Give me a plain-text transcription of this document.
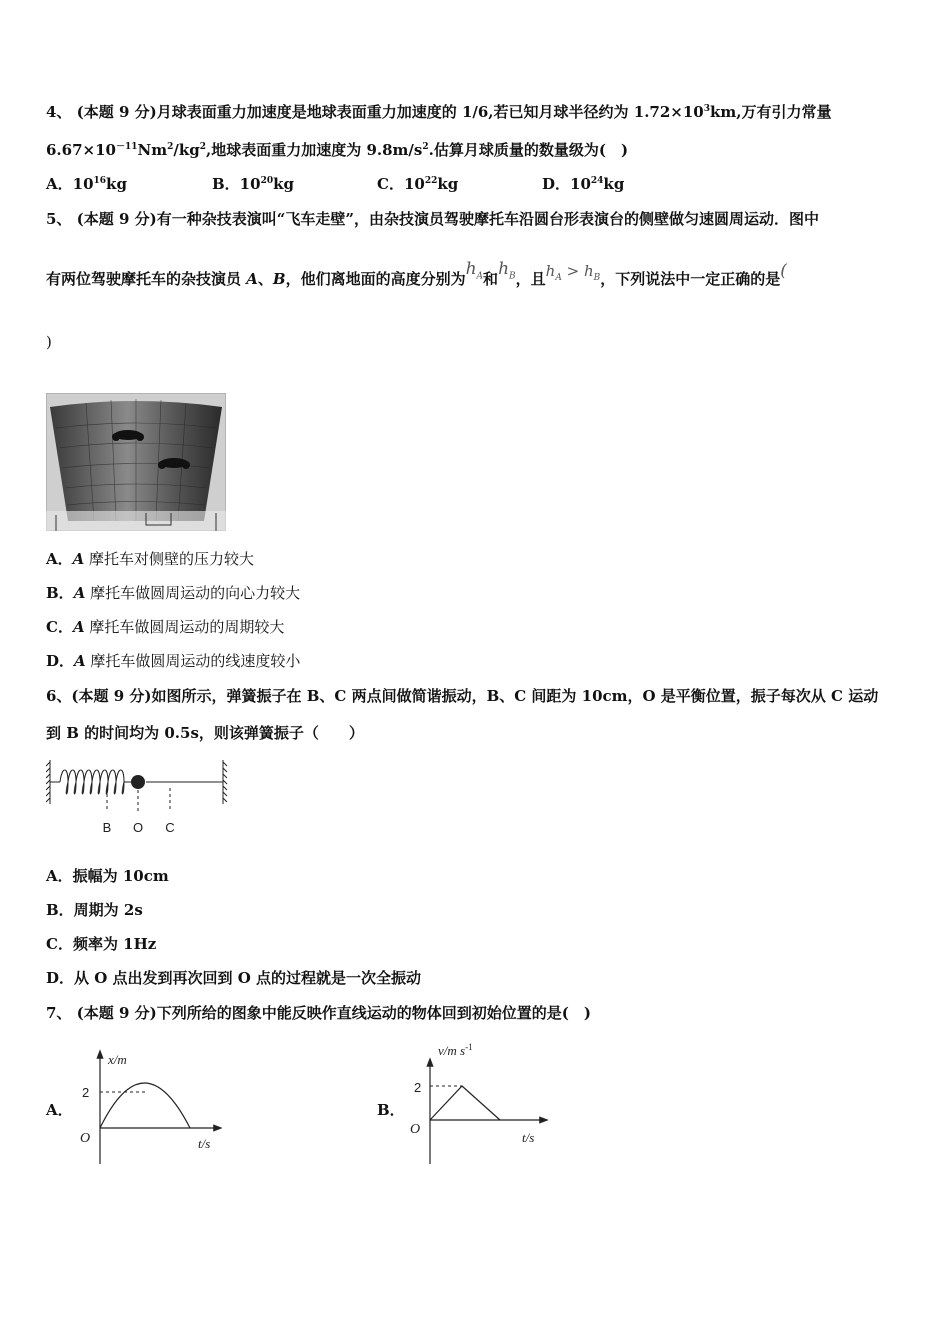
4、 (本题 9 分)月球表面重力加速度是地球表面重力加速度的 1/6,若已知月球半径约为 $1.72\times 10^3km$,万有引力常量
$6.67\times 10^{-11}Nm^2/kg^2$,地球表面重力加速度为 $9.8m/s^2$.估算月球质量的数量级为(　)
A．$10^{16}kg$	B．$10^{20}kg$	C．$10^{22}kg$	D．$10^{24}kg$
5、 (本题 9 分)有一种杂技表演叫“飞车走壁”，由杂技演员驾驶摩托车沿圆台形表演台的侧壁做匀速圆周运动．图中
有两位驾驶摩托车的杂技演员 A、B，他们离地面的高度分别为$h_A$和$h_B$，且$h_A > h_B$，下列说法中一定正确的是(
)
A．A 摩托车对侧壁的压力较大
B．A 摩托车做圆周运动的向心力较大
C．A 摩托车做圆周运动的周期较大
D．A 摩托车做圆周运动的线速度较小
6、(本题 9 分)如图所示，弹簧振子在 B、C 两点间做简谐振动，B、C 间距为 10cm，O 是平衡位置，振子每次从 C 运动
到 B 的时间均为 0.5s，则该弹簧振子（　　）
B O C
A．振幅为 10cm
B．周期为 2s
C．频率为 1Hz
D．从 O 点出发到再次回到 O 点的过程就是一次全振动
7、 (本题 9 分)下列所给的图象中能反映作直线运动的物体回到初始位置的是(　)
A．
x/m
O
2
t/s
B．
v/m $s^{-1}$
O
2
t/s
